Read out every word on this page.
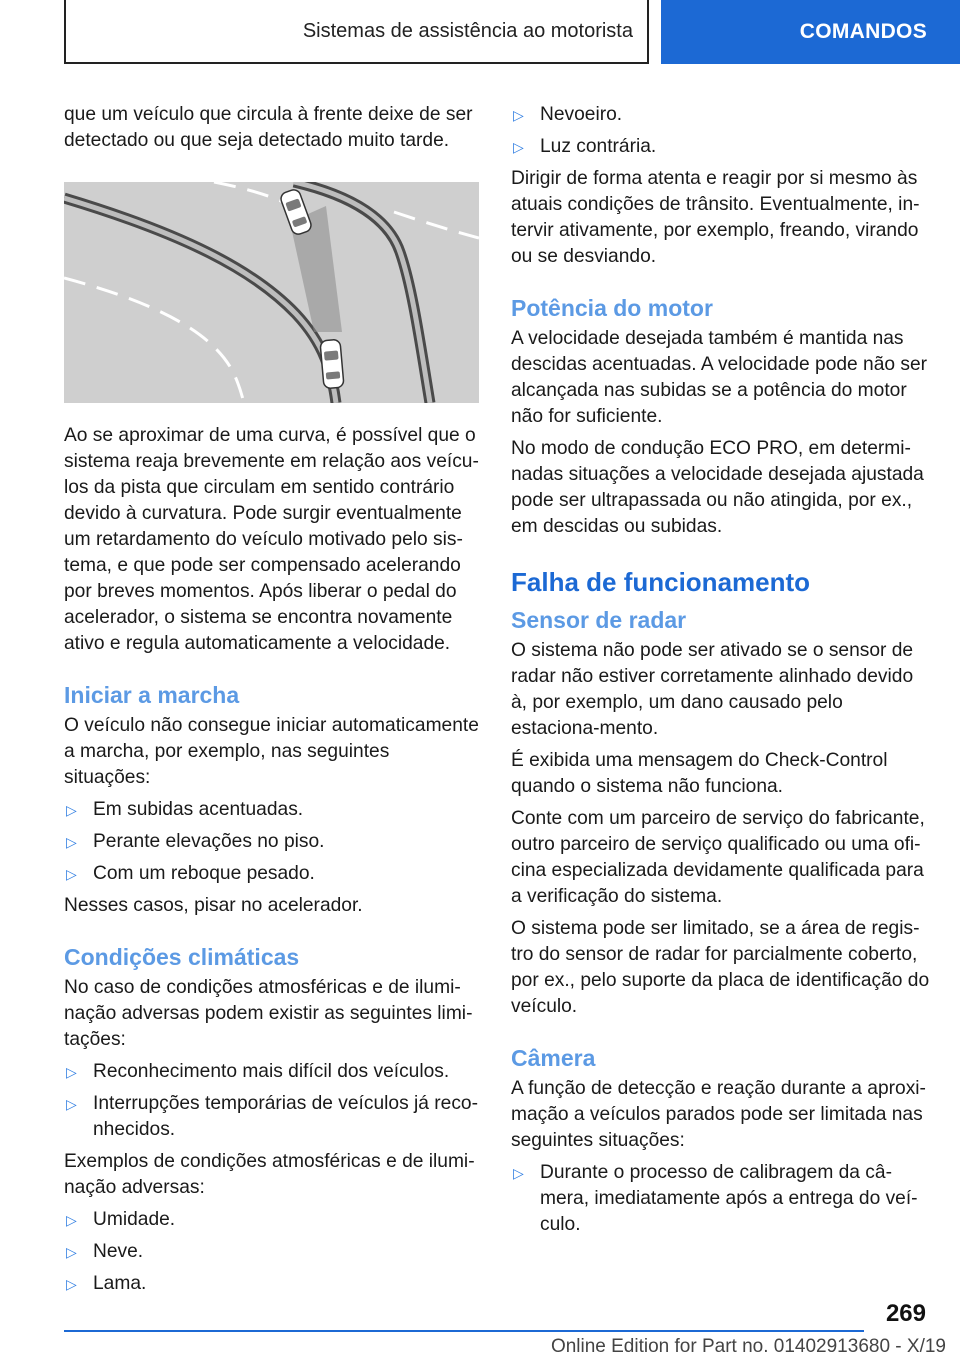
Sistemas de assistência ao motorista	COMANDOS

que um veículo que circula à frente deixe de ser detectado ou que seja detectado muito tarde.

Ao se aproximar de uma curva, é possível que o sistema reaja brevemente em relação aos veícu-los da pista que circulam em sentido contrário devido à curvatura. Pode surgir eventualmente um retardamento do veículo motivado pelo sis-tema, e que pode ser compensado acelerando por breves momentos. Após liberar o pedal do acelerador, o sistema se encontra novamente ativo e regula automaticamente a velocidade.

Iniciar a marcha

O veículo não consegue iniciar automaticamente a marcha, por exemplo, nas seguintes situações:

▷ Em subidas acentuadas.
▷ Perante elevações no piso.
▷ Com um reboque pesado.

Nesses casos, pisar no acelerador.

Condições climáticas

No caso de condições atmosféricas e de ilumi-nação adversas podem existir as seguintes limi-tações:

▷ Reconhecimento mais difícil dos veículos.
▷ Interrupções temporárias de veículos já reco-nhecidos.

Exemplos de condições atmosféricas e de ilumi-nação adversas:

▷ Umidade.
▷ Neve.
▷ Lama.
▷ Nevoeiro.
▷ Luz contrária.

Dirigir de forma atenta e reagir por si mesmo às atuais condições de trânsito. Eventualmente, in-tervir ativamente, por exemplo, freando, virando ou se desviando.

Potência do motor

A velocidade desejada também é mantida nas descidas acentuadas. A velocidade pode não ser alcançada nas subidas se a potência do motor não for suficiente.

No modo de condução ECO PRO, em determi-nadas situações a velocidade desejada ajustada pode ser ultrapassada ou não atingida, por ex., em descidas ou subidas.

Falha de funcionamento
Sensor de radar

O sistema não pode ser ativado se o sensor de radar não estiver corretamente alinhado devido à, por exemplo, um dano causado pelo estaciona-mento.

É exibida uma mensagem do Check-Control quando o sistema não funciona.

Conte com um parceiro de serviço do fabricante, outro parceiro de serviço qualificado ou uma ofi-cina especializada devidamente qualificada para a verificação do sistema.

O sistema pode ser limitado, se a área de regis-tro do sensor de radar for parcialmente coberto, por ex., pelo suporte da placa de identificação do veículo.

Câmera

A função de detecção e reação durante a aproxi-mação a veículos parados pode ser limitada nas seguintes situações:

▷ Durante o processo de calibragem da câ-mera, imediatamente após a entrega do veí-culo.
269
Online Edition for Part no. 01402913680 - X/19
